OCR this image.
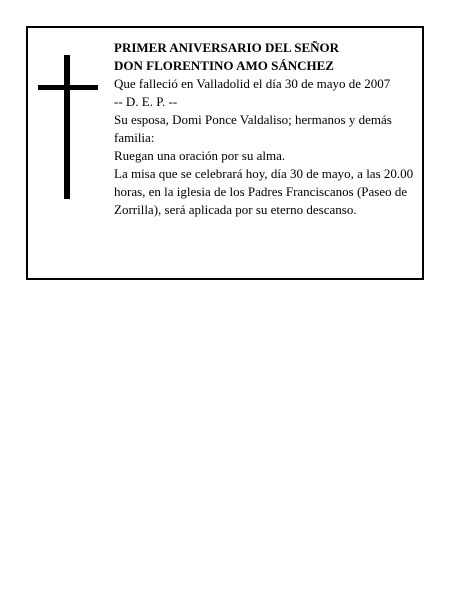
PRIMER ANIVERSARIO DEL SEÑOR

DON FLORENTINO AMO SÁNCHEZ

Que falleció en Valladolid el día 30 de mayo de 2007

-- D. E. P. --

Su esposa, Domi Ponce Valdaliso; hermanos y demás familia:

Ruegan una oración por su alma.

La misa que se celebrará hoy, día 30 de mayo, a las 20.00 horas, en la iglesia de los Padres Franciscanos (Paseo de Zorrilla), será aplicada por su eterno descanso.
